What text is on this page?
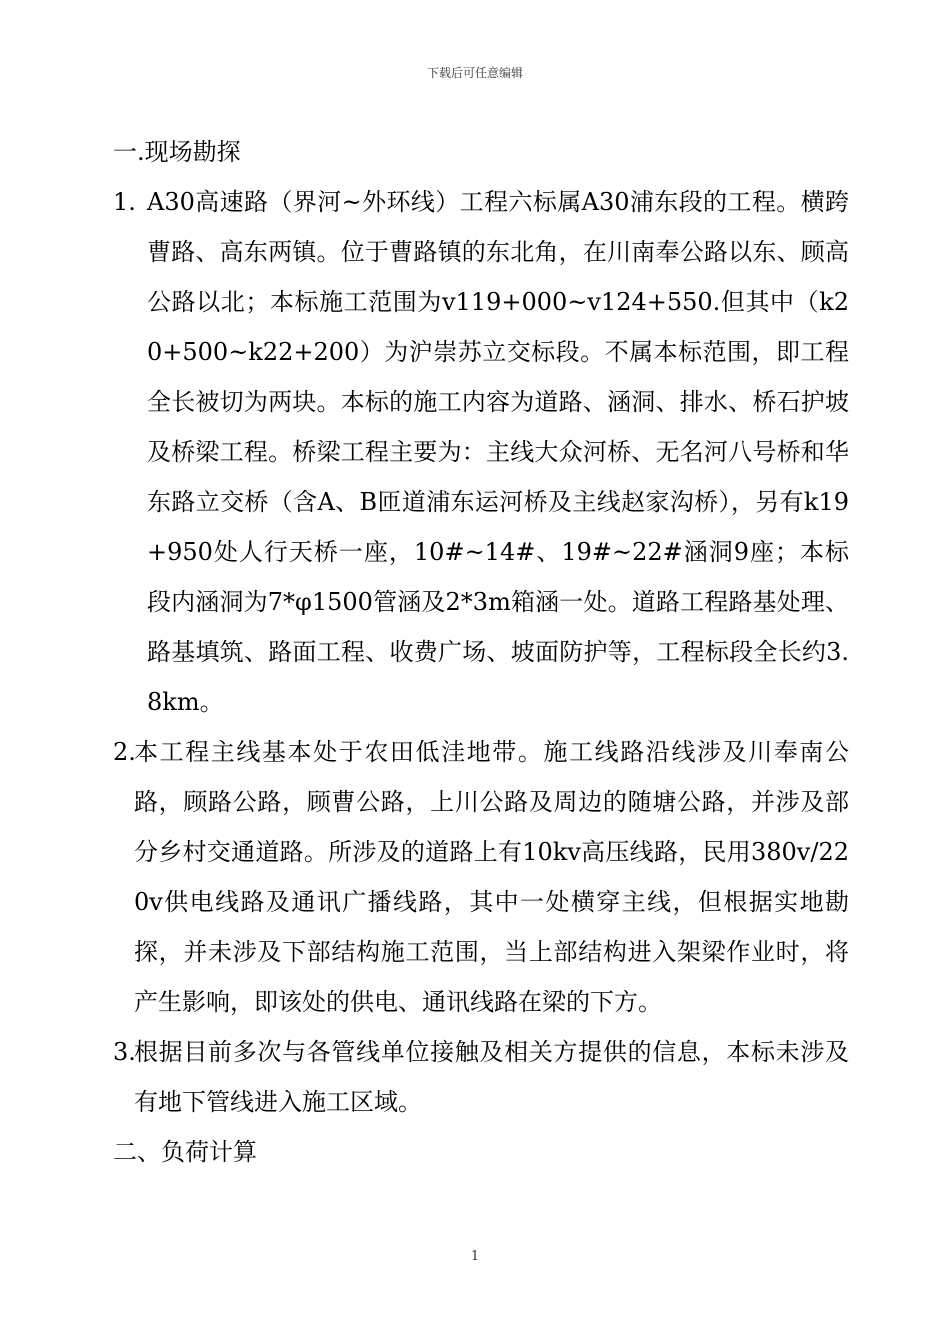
下载后可任意编辑

一.现场勘探

1. A30高速路（界河~外环线）工程六标属A30浦东段的工程。横跨曹路、高东两镇。位于曹路镇的东北角，在川南奉公路以东、顾高公路以北；本标施工范围为v119+000~v124+550.但其中（k20+500~k22+200）为沪崇苏立交标段。不属本标范围，即工程全长被切为两块。本标的施工内容为道路、涵洞、排水、桥石护坡及桥梁工程。桥梁工程主要为：主线大众河桥、无名河八号桥和华东路立交桥（含A、B匝道浦东运河桥及主线赵家沟桥），另有k19+950处人行天桥一座，10#~14#、19#~22#涵洞9座；本标段内涵洞为7*φ1500管涵及2*3m箱涵一处。道路工程路基处理、路基填筑、路面工程、收费广场、坡面防护等，工程标段全长约3.8km。
2.
本工程主线基本处于农田低洼地带。施工线路沿线涉及川奉南公路，顾路公路，顾曹公路，上川公路及周边的随塘公路，并涉及部分乡村交通道路。所涉及的道路上有10kv高压线路，民用380v/220v供电线路及通讯广播线路，其中一处横穿主线，但根据实地勘探，并未涉及下部结构施工范围，当上部结构进入架梁作业时，将产生影响，即该处的供电、通讯线路在梁的下方。
3.
根据目前多次与各管线单位接触及相关方提供的信息，本标未涉及有地下管线进入施工区域。

二、负荷计算

1
